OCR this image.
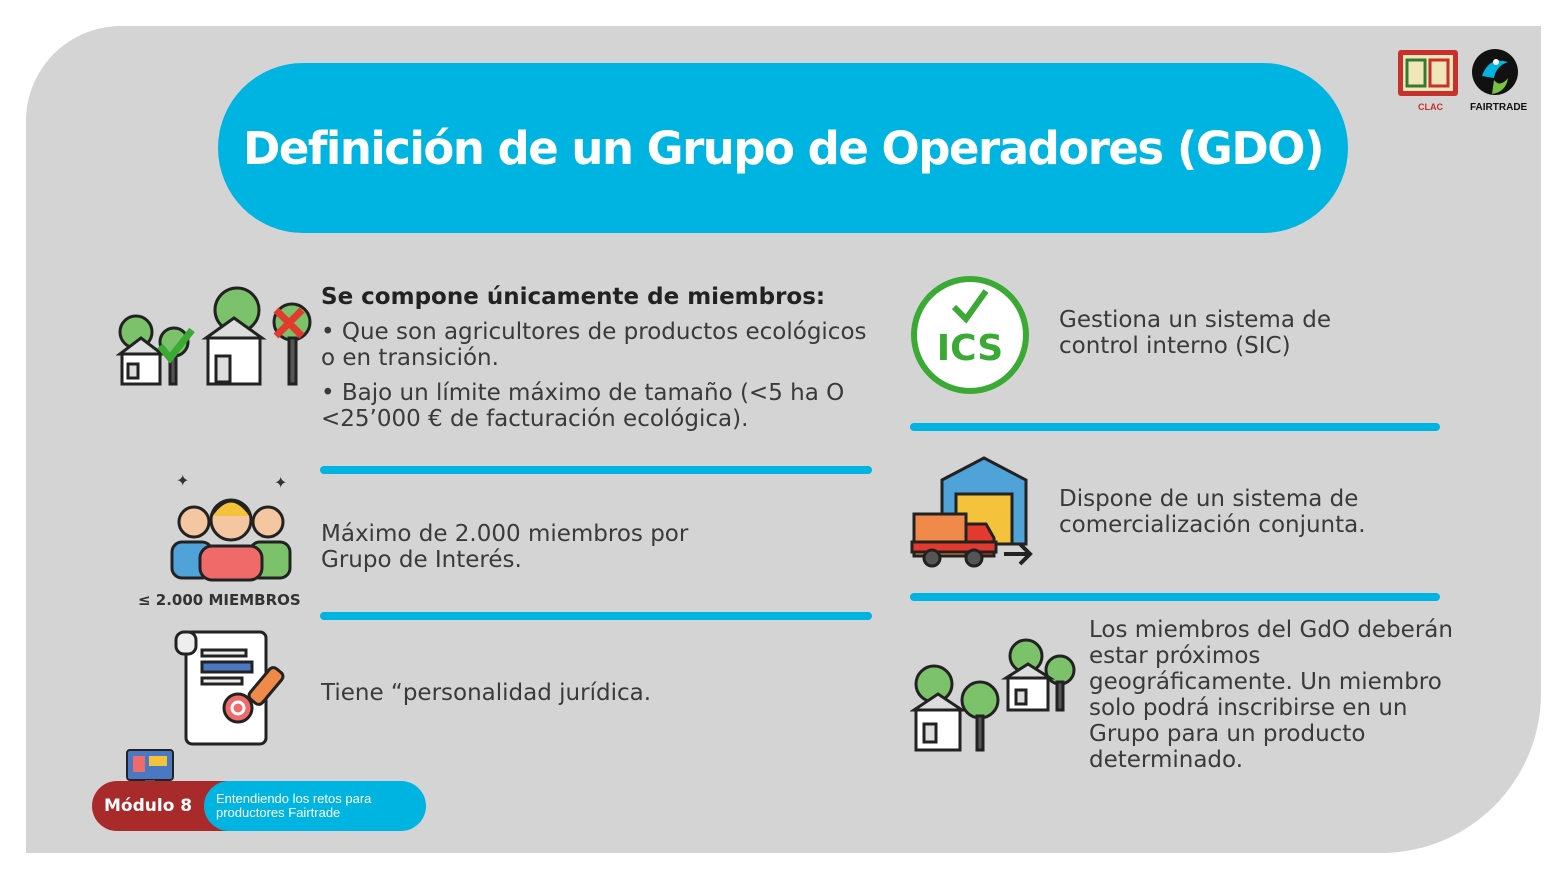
Definición de un Grupo de Operadores (GDO)
CLAC	FAIRTRADE

Se compone únicamente de miembros:

• Que son agricultores de productos ecológicos o en transición.

• Bajo un límite máximo de tamaño (<5 ha O <25’000 € de facturación ecológica).

✦	✦
≤ 2.000 MIEMBROS
Máximo de 2.000 miembros por Grupo de Interés.
Tiene “personalidad jurídica.
ICS
Gestiona un sistema de control interno (SIC)
Dispone de un sistema de comercialización conjunta.
Los miembros del GdO deberán estar próximos geográficamente. Un miembro solo podrá inscribirse en un Grupo para un producto determinado.
Módulo 8	Entendiendo los retos para productores Fairtrade
